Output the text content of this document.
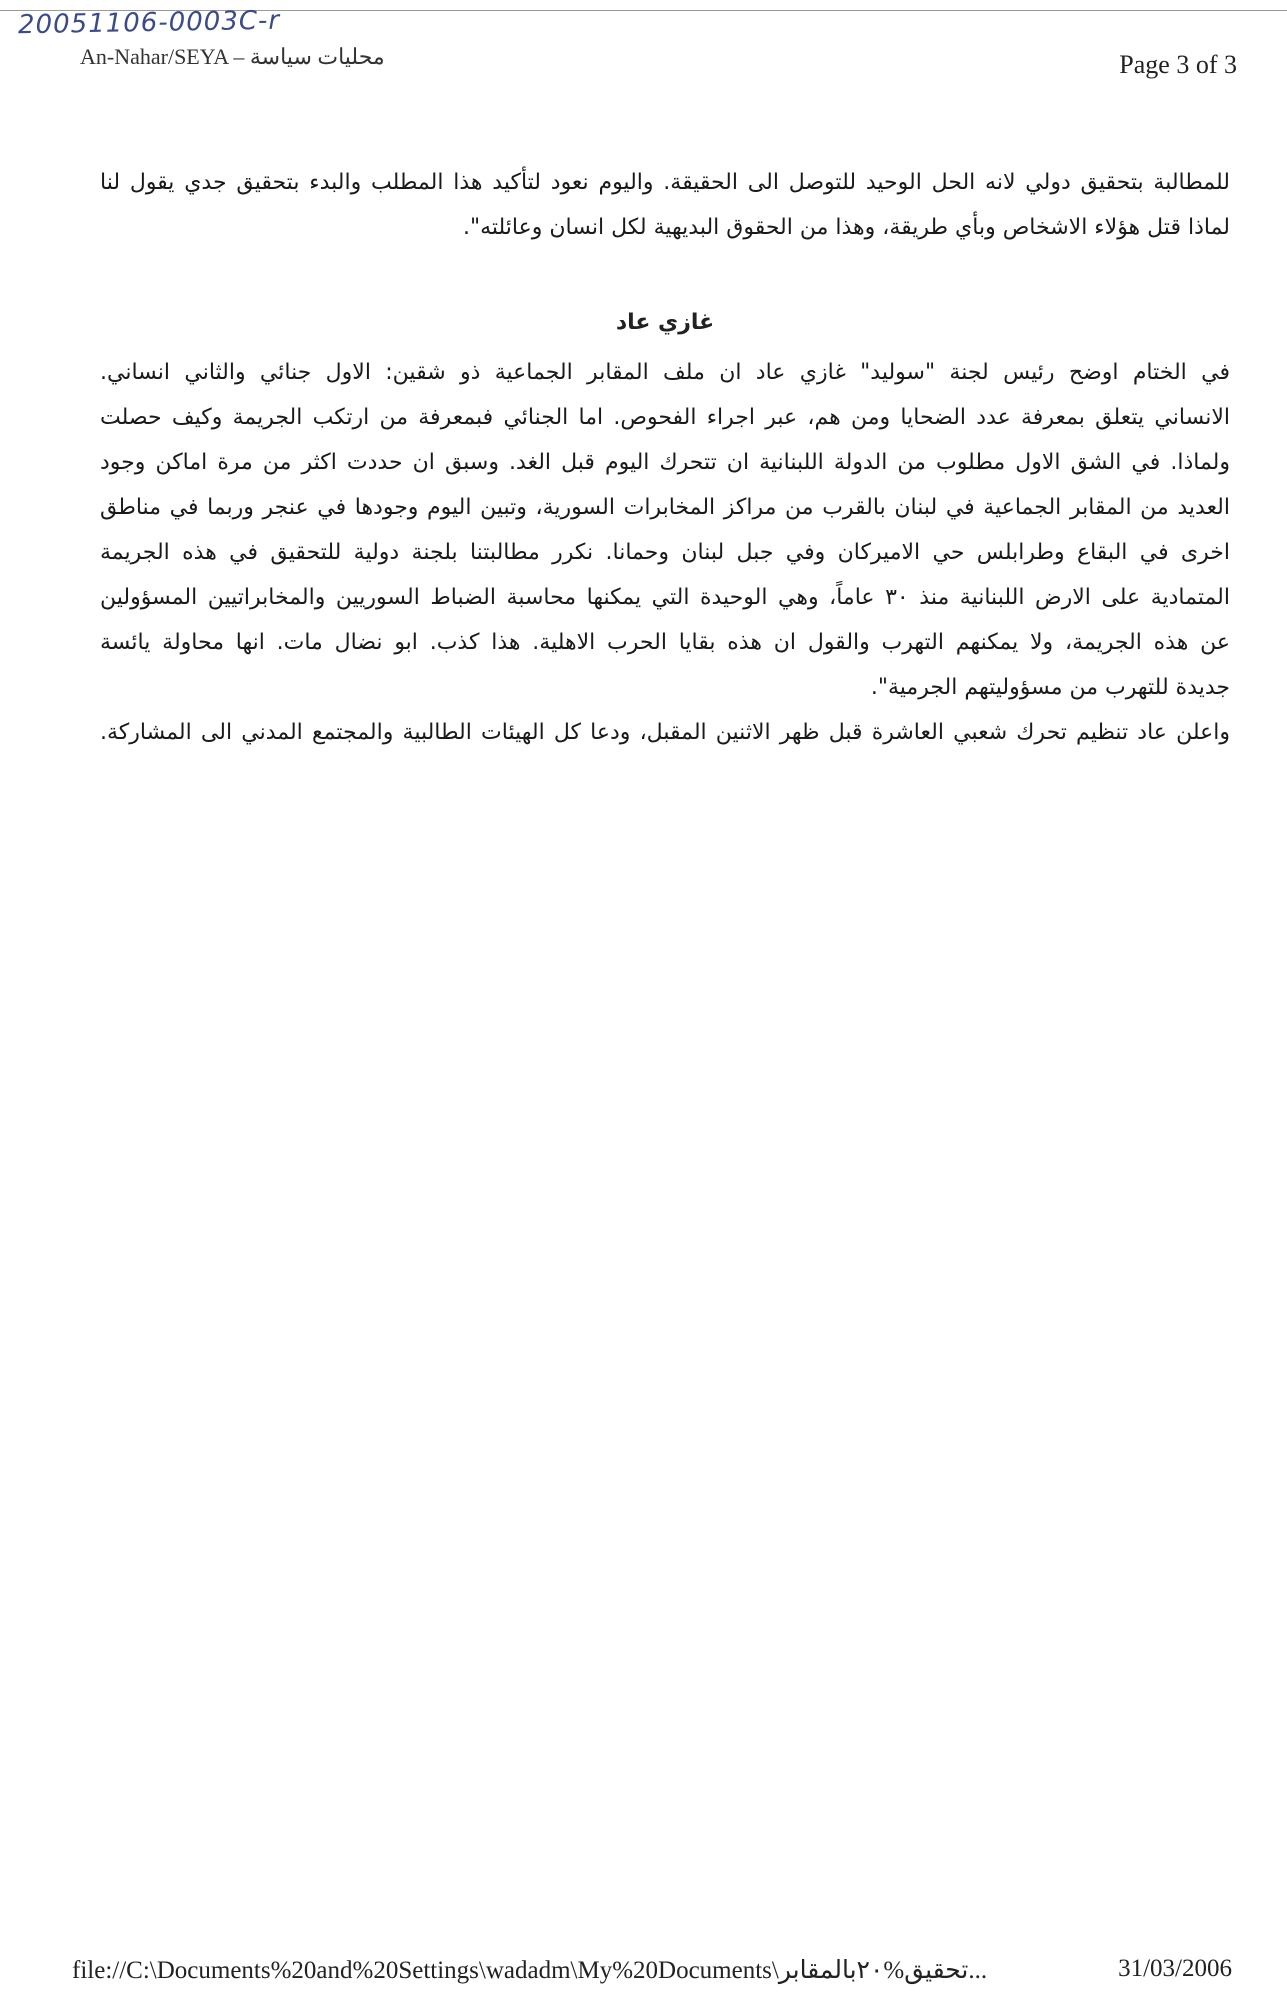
20051106-0003C-r
An-Nahar/SEYA – محليات سياسة	Page 3 of 3
للمطالبة بتحقيق دولي لانه الحل الوحيد للتوصل الى الحقيقة. واليوم نعود لتأكيد هذا المطلب والبدء بتحقيق جدي يقول لنا
لماذا قتل هؤلاء الاشخاص وبأي طريقة، وهذا من الحقوق البديهية لكل انسان وعائلته".
غازي عاد
في الختام اوضح رئيس لجنة "سوليد" غازي عاد ان ملف المقابر الجماعية ذو شقين: الاول جنائي والثاني انساني.
الانساني يتعلق بمعرفة عدد الضحايا ومن هم، عبر اجراء الفحوص. اما الجنائي فبمعرفة من ارتكب الجريمة وكيف حصلت
ولماذا. في الشق الاول مطلوب من الدولة اللبنانية ان تتحرك اليوم قبل الغد. وسبق ان حددت اكثر من مرة اماكن وجود
العديد من المقابر الجماعية في لبنان بالقرب من مراكز المخابرات السورية، وتبين اليوم وجودها في عنجر وربما في مناطق
اخرى في البقاع وطرابلس حي الاميركان وفي جبل لبنان وحمانا. نكرر مطالبتنا بلجنة دولية للتحقيق في هذه الجريمة
المتمادية على الارض اللبنانية منذ ٣٠ عاماً، وهي الوحيدة التي يمكنها محاسبة الضباط السوريين والمخابراتيين المسؤولين
عن هذه الجريمة، ولا يمكنهم التهرب والقول ان هذه بقايا الحرب الاهلية. هذا كذب. ابو نضال مات. انها محاولة يائسة
جديدة للتهرب من مسؤوليتهم الجرمية".
واعلن عاد تنظيم تحرك شعبي العاشرة قبل ظهر الاثنين المقبل، ودعا كل الهيئات الطالبية والمجتمع المدني الى المشاركة.
file://C:\Documents%20and%20Settings\wadadm\My%20Documents\تحقيق%٢٠بالمقابر...	31/03/2006
